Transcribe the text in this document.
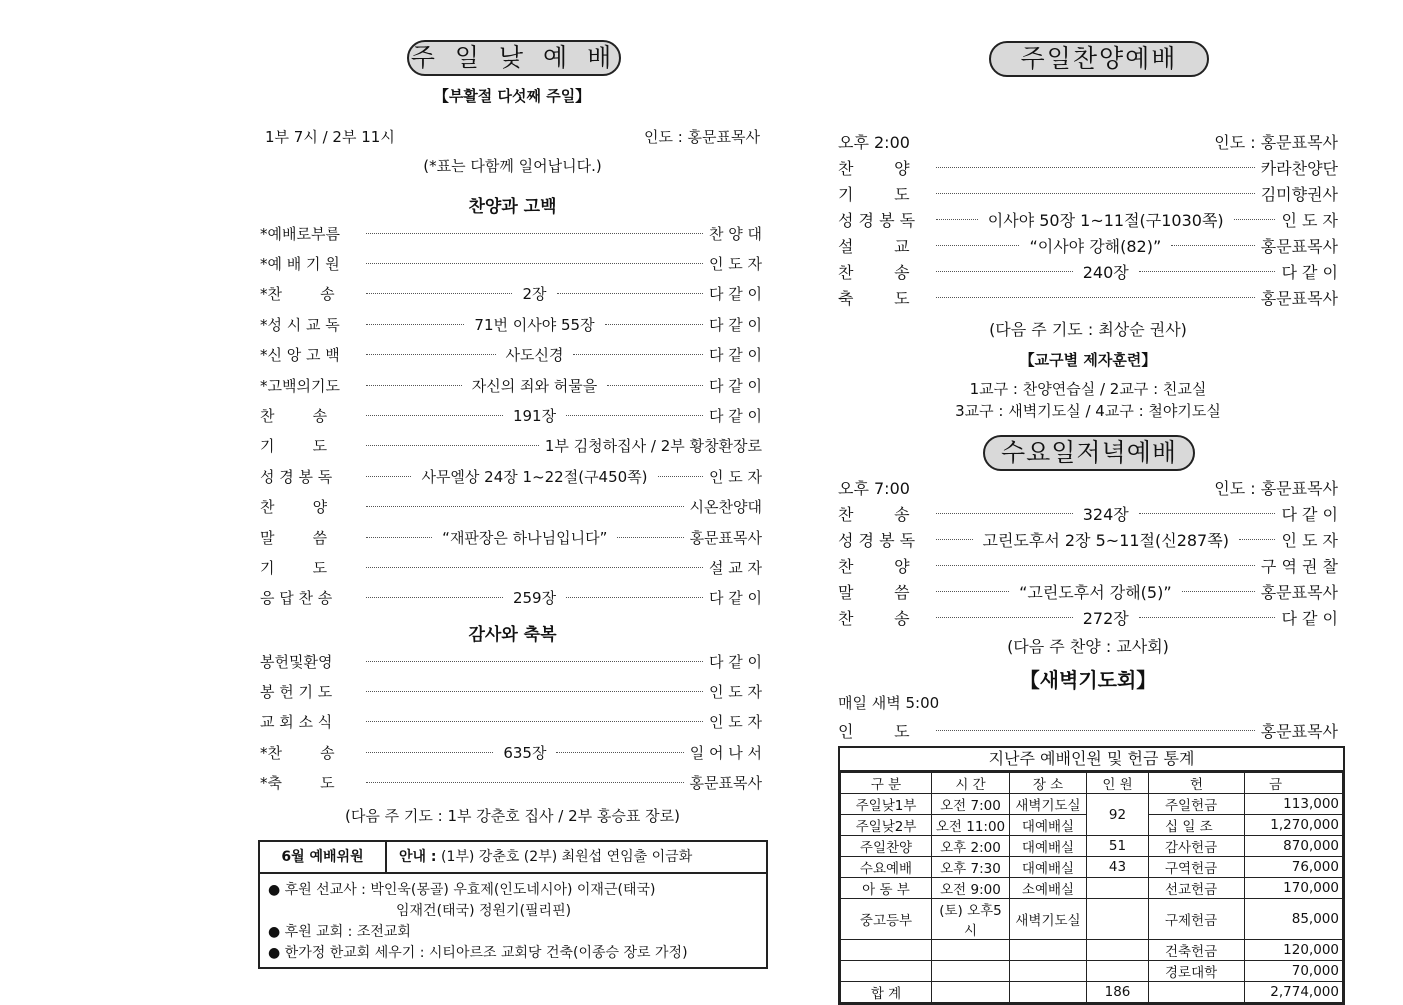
주 일 낮 예 배
【부활절 다섯째 주일】
1부 7시 / 2부 11시	인도 : 홍문표목사
(*표는 다함께 일어납니다.)
찬양과 고백
*예배로부름	찬 양 대
*예 배 기 원	인 도 자
*찬        송	2장	다 같 이
*성 시 교 독	71번 이사야 55장	다 같 이
*신 앙 고 백	사도신경	다 같 이
*고백의기도	자신의 죄와 허물을	다 같 이
찬        송	191장	다 같 이
기        도	1부 김청하집사 / 2부 황창환장로
성 경 봉 독	사무엘상 24장 1~22절(구450쪽)	인 도 자
찬        양	시온찬양대
말        씀	“재판장은 하나님입니다”	홍문표목사
기        도	설 교 자
응 답 찬 송	259장	다 같 이
감사와 축복
봉헌및환영	다 같 이
봉 헌 기 도	인 도 자
교 회 소 식	인 도 자
*찬        송	635장	일 어 나 서
*축        도	홍문표목사
(다음 주 기도 : 1부 강춘호 집사 / 2부 홍승표 장로)
6월 예배위원	안내 : (1부) 강춘호 (2부) 최원섭 연임출 이금화
● 후원 선교사 : 박인욱(몽골) 우효제(인도네시아) 이재근(태국)
임재건(태국) 정원기(필리핀)
● 후원 교회 : 조전교회
● 한가정 한교회 세우기 : 시티아르조 교회당 건축(이종승 장로 가정)
주일찬양예배
오후 2:00	인도 : 홍문표목사
찬        양	카라찬양단
기        도	김미향권사
성 경 봉 독	이사야 50장 1~11절(구1030쪽)	인 도 자
설        교	“이사야 강해(82)”	홍문표목사
찬        송	240장	다 같 이
축        도	홍문표목사
(다음 주 기도 : 최상순 권사)
【교구별 제자훈련】
1교구 : 찬양연습실 / 2교구 : 친교실
3교구 : 새벽기도실 / 4교구 : 철야기도실
수요일저녁예배
오후 7:00	인도 : 홍문표목사
찬        송	324장	다 같 이
성 경 봉 독	고린도후서 2장 5~11절(신287쪽)	인 도 자
찬        양	구 역 권 찰
말        씀	“고린도후서 강해(5)”	홍문표목사
찬        송	272장	다 같 이
(다음 주 찬양 : 교사회)
【새벽기도회】
매일 새벽 5:00
인        도	홍문표목사
지난주 예배인원 및 헌금 통계
구 분	시 간	장 소	인 원	헌	금
주일낮1부	오전 7:00	새벽기도실	92	주일헌금	113,000
주일낮2부	오전 11:00	대예배실		십 일 조	1,270,000
주일찬양	오후 2:00	대예배실	51	감사헌금	870,000
수요예배	오후 7:30	대예배실	43	구역헌금	76,000
아 동 부	오전 9:00	소예배실		선교헌금	170,000
중고등부	(토) 오후5시	새벽기도실		구제헌금	85,000
				건축헌금	120,000
				경로대학	70,000
합 계			186		2,774,000
